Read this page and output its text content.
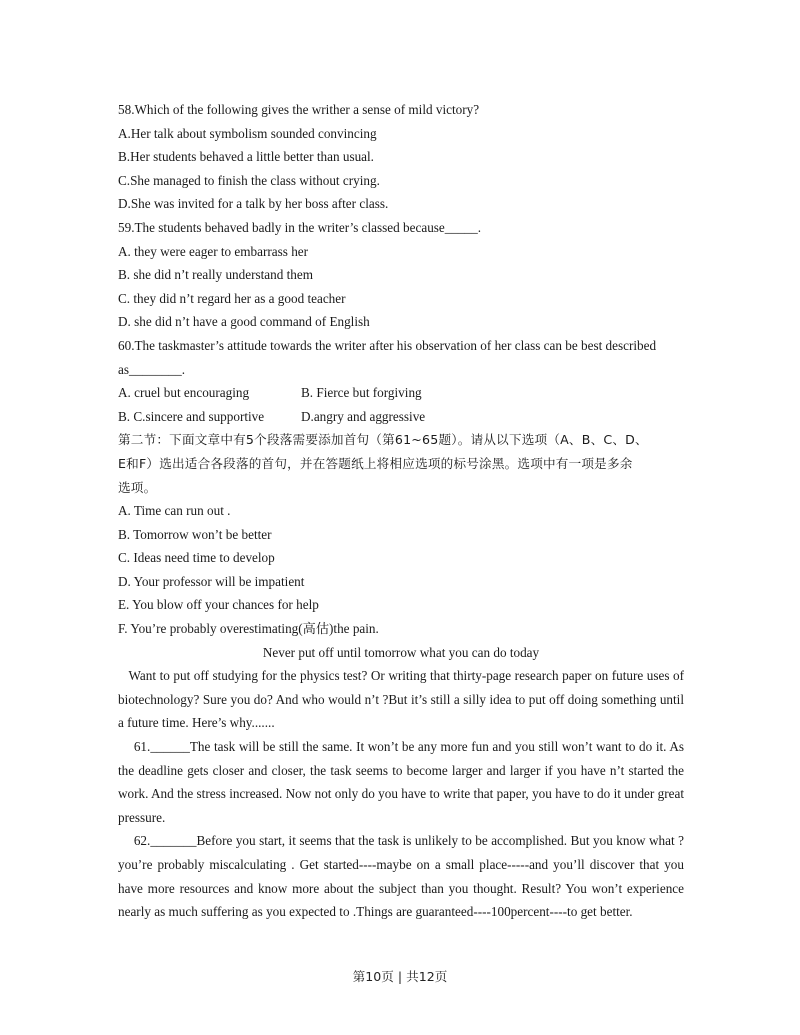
58.Which of the following gives the writher a sense of mild victory?
A.Her talk about symbolism sounded convincing
B.Her students behaved a little better than usual.
C.She managed to finish the class without crying.
D.She was invited for a talk by her boss after class.
59.The students behaved badly in the writer’s classed because_____.
A. they were eager to embarrass her
B. she did n’t really understand them
C. they did n’t regard her as a good teacher
D. she did n’t have a good command of English
60.The taskmaster’s attitude towards the writer after his observation of her class can be best described
as________.
A. cruel but encouraging	B. Fierce but forgiving
B. C.sincere and supportive	D.angry and aggressive
第二节：下面文章中有5个段落需要添加首句（第61~65题）。请从以下选项（A、B、C、D、
E和F）选出适合各段落的首句，并在答题纸上将相应选项的标号涂黑。选项中有一项是多余
选项。
A. Time can run out .
B. Tomorrow won’t be better
C. Ideas need time to develop
D. Your professor will be impatient
E. You blow off your chances for help
F. You’re probably overestimating(高估)the pain.
Never put off until tomorrow what you can do today

Want to put off studying for the physics test? Or writing that thirty-page research paper on future uses of biotechnology? Sure you do? And who would n’t ?But it’s still a silly idea to put off doing something until a future time. Here’s why.......

61.______The task will be still the same. It won’t be any more fun and you still won’t want to do it. As the deadline gets closer and closer, the task seems to become larger and larger if you have n’t started the work. And the stress increased. Now not only do you have to write that paper, you have to do it under great pressure.

62._______Before you start, it seems that the task is unlikely to be accomplished. But you know what ?you’re probably miscalculating . Get started----maybe on a small place-----and you’ll discover that you have more resources and know more about the subject than you thought. Result? You won’t experience nearly as much suffering as you expected to .Things are guaranteed----100percent----to get better.

第10页 | 共12页
